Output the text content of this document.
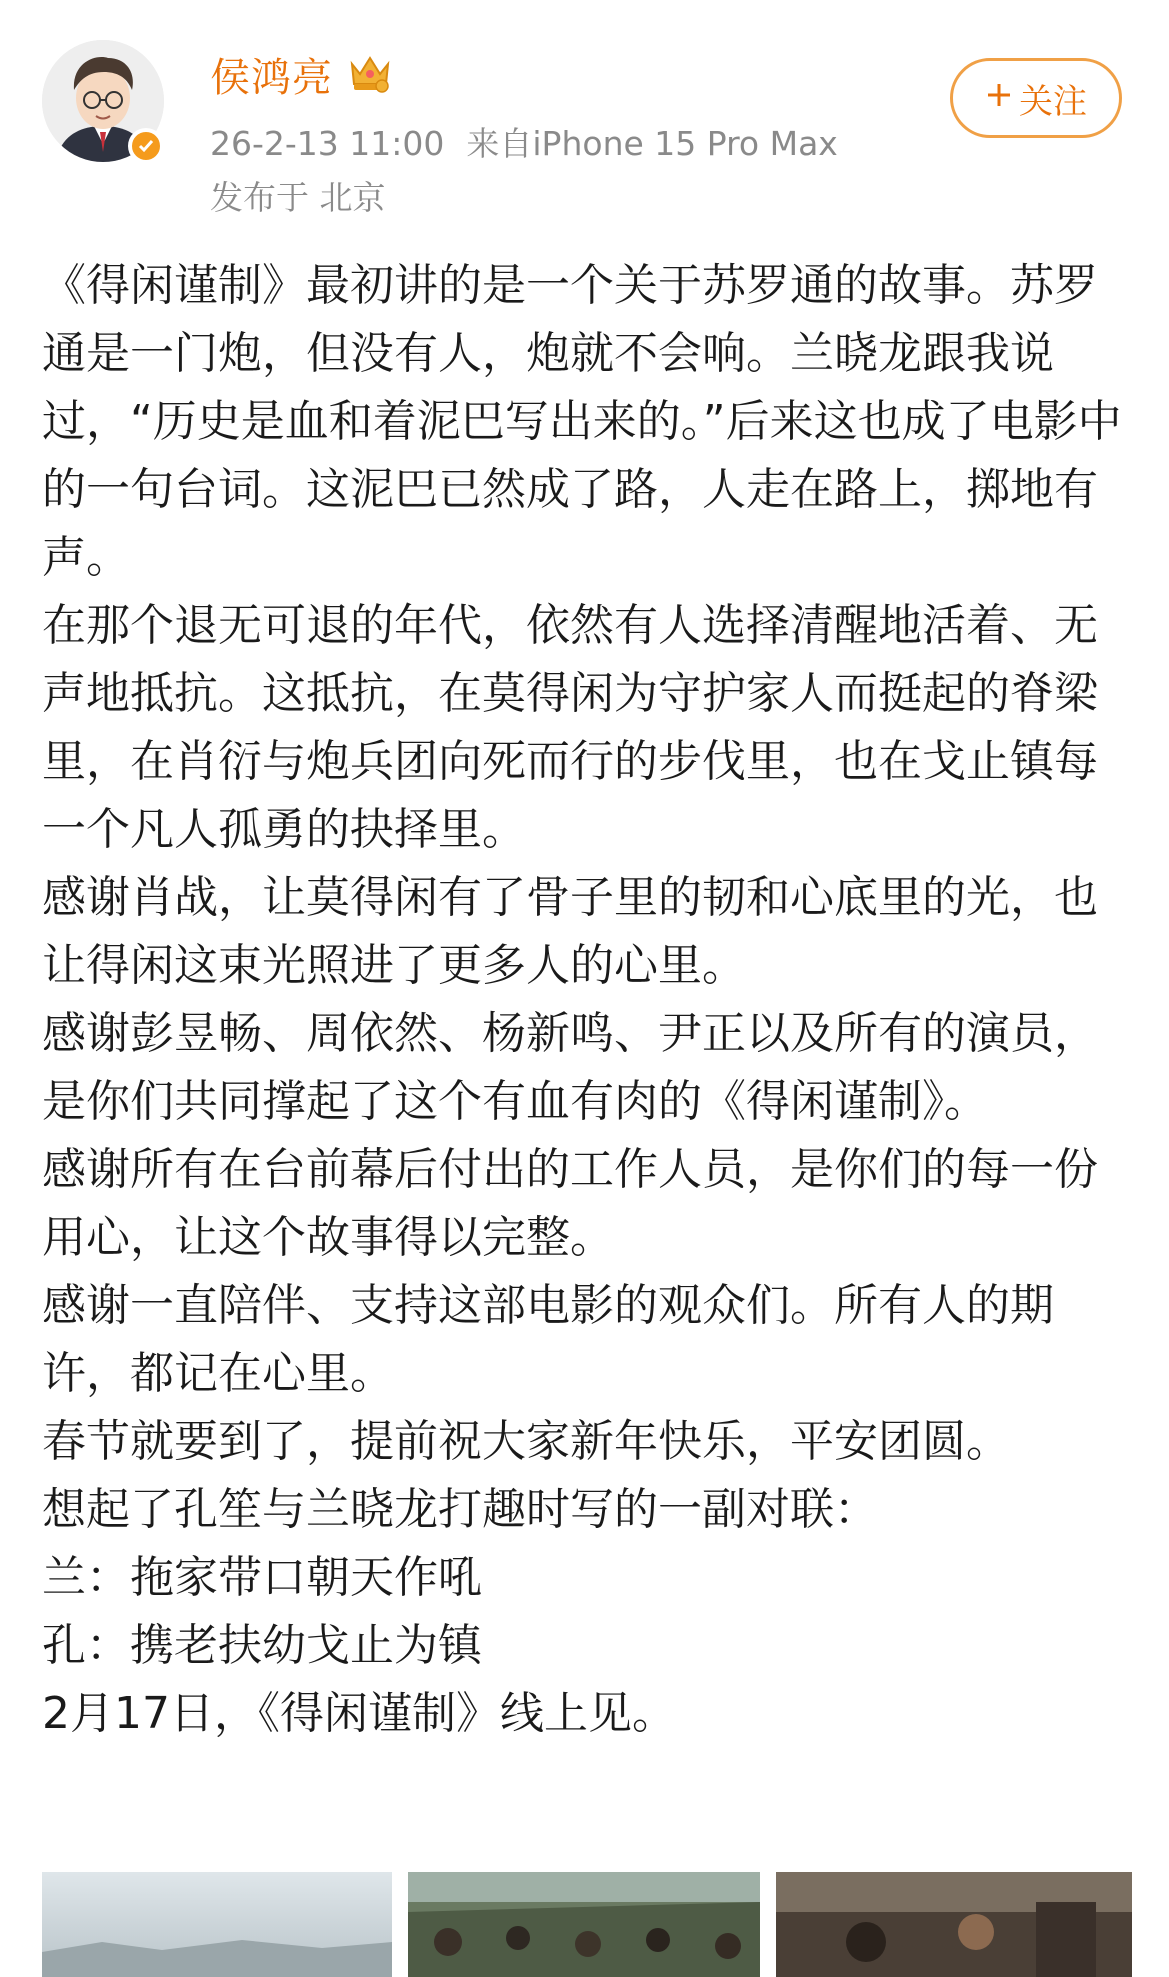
侯鸿亮
26-2-13 11:00 来自iPhone 15 Pro Max
发布于 北京
关注

《得闲谨制》最初讲的是一个关于苏罗通的故事。苏罗通是一门炮，但没有人，炮就不会响。兰晓龙跟我说过，“历史是血和着泥巴写出来的。”后来这也成了电影中的一句台词。这泥巴已然成了路，人走在路上，掷地有声。

在那个退无可退的年代，依然有人选择清醒地活着、无声地抵抗。这抵抗，在莫得闲为守护家人而挺起的脊梁里，在肖衍与炮兵团向死而行的步伐里，也在戈止镇每一个凡人孤勇的抉择里。

感谢肖战，让莫得闲有了骨子里的韧和心底里的光，也让得闲这束光照进了更多人的心里。

感谢彭昱畅、周依然、杨新鸣、尹正以及所有的演员，是你们共同撑起了这个有血有肉的《得闲谨制》。

感谢所有在台前幕后付出的工作人员，是你们的每一份用心，让这个故事得以完整。

感谢一直陪伴、支持这部电影的观众们。所有人的期许，都记在心里。

春节就要到了，提前祝大家新年快乐，平安团圆。

想起了孔笙与兰晓龙打趣时写的一副对联：

兰：拖家带口朝天作吼

孔：携老扶幼戈止为镇

2月17日，《得闲谨制》线上见。
